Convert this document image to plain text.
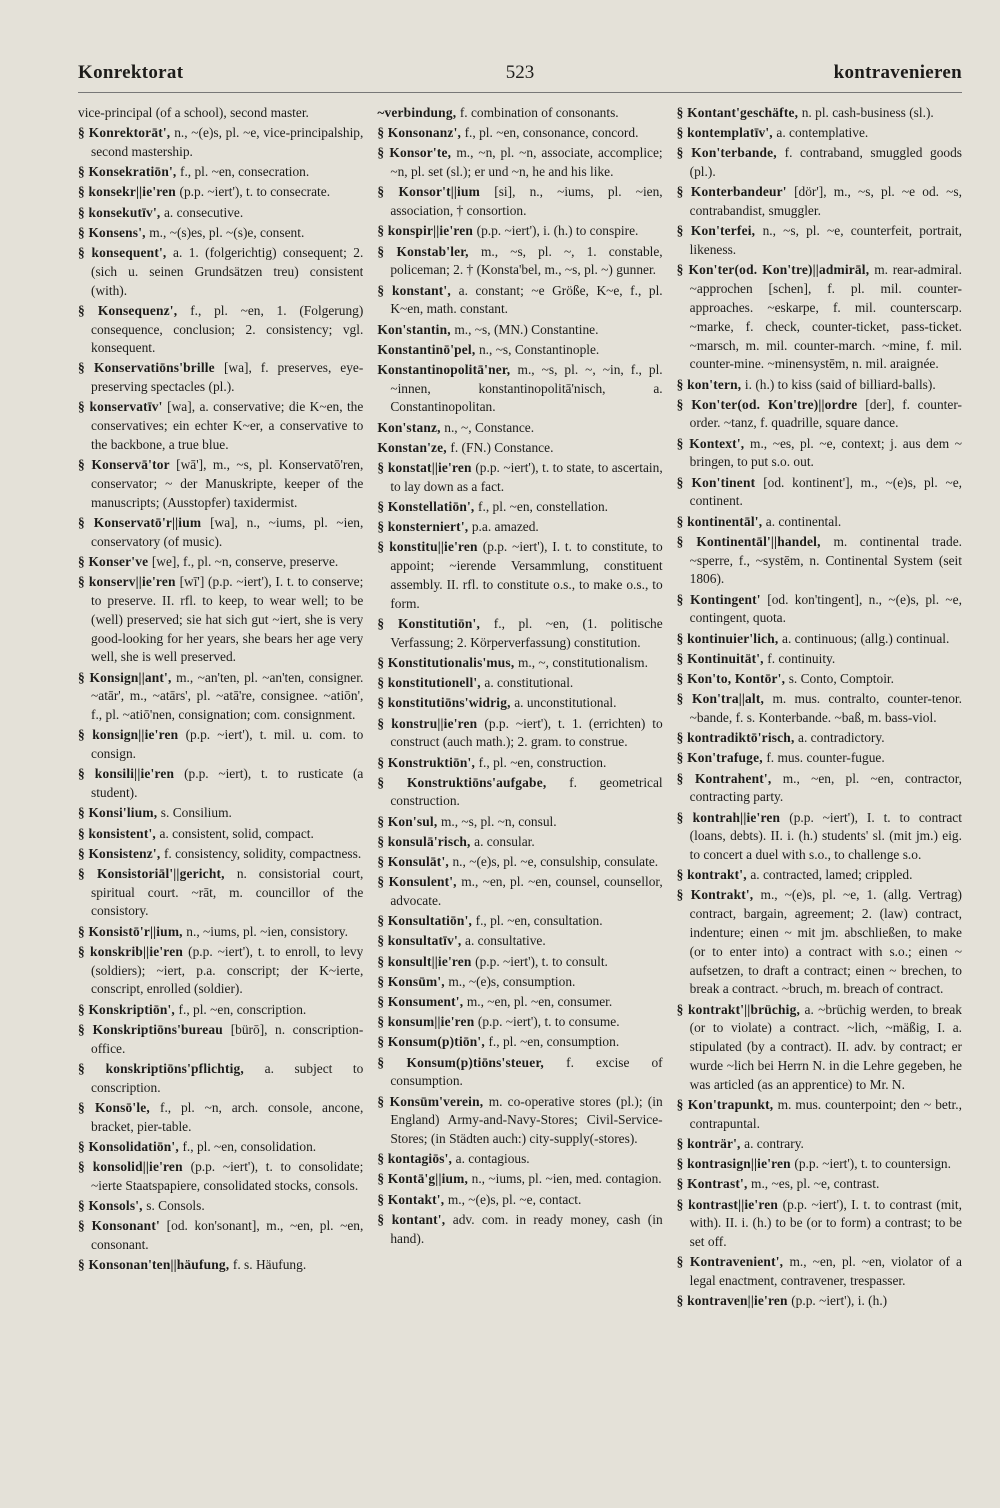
Konrektorat	523	kontravenieren

vice-principal (of a school), second master.

§ Konrektorāt', n., ~(e)s, pl. ~e, vice-principalship, second mastership.

§ Konsekratiōn', f., pl. ~en, consecration.

§ konsekr||ie'ren (p.p. ~iert'), t. to consecrate.

§ konsekutīv', a. consecutive.

§ Konsens', m., ~(s)es, pl. ~(s)e, consent.

§ konsequent', a. 1. (folgerichtig) consequent; 2. (sich u. seinen Grundsätzen treu) consistent (with).

§ Konsequenz', f., pl. ~en, 1. (Folgerung) consequence, conclusion; 2. consistency; vgl. konsequent.

§ Konservatiōns'brille [wa], f. preserves, eye-preserving spectacles (pl.).

§ konservatīv' [wa], a. conservative; die K~en, the conservatives; ein echter K~er, a conservative to the backbone, a true blue.

§ Konservā'tor [wā'], m., ~s, pl. Konservatō'ren, conservator; ~ der Manuskripte, keeper of the manuscripts; (Ausstopfer) taxidermist.

§ Konservatō'r||ium [wa], n., ~iums, pl. ~ien, conservatory (of music).

§ Konser've [we], f., pl. ~n, conserve, preserve.

§ konserv||ie'ren [wī'] (p.p. ~iert'), I. t. to conserve; to preserve. II. rfl. to keep, to wear well; to be (well) preserved; sie hat sich gut ~iert, she is very good-looking for her years, she bears her age very well, she is well preserved.

§ Konsign||ant', m., ~an'ten, pl. ~an'ten, consigner. ~atār', m., ~atārs', pl. ~atā're, consignee. ~atiōn', f., pl. ~atiō'nen, consignation; com. consignment.

§ konsign||ie'ren (p.p. ~iert'), t. mil. u. com. to consign.

§ konsili||ie'ren (p.p. ~iert), t. to rusticate (a student).

§ Konsi'lium, s. Consilium.

§ konsistent', a. consistent, solid, compact.

§ Konsistenz', f. consistency, solidity, compactness.

§ Konsistoriāl'||gericht, n. consistorial court, spiritual court. ~rāt, m. councillor of the consistory.

§ Konsistō'r||ium, n., ~iums, pl. ~ien, consistory.

§ konskrib||ie'ren (p.p. ~iert'), t. to enroll, to levy (soldiers); ~iert, p.a. conscript; der K~ierte, conscript, enrolled (soldier).

§ Konskriptiōn', f., pl. ~en, conscription.

§ Konskriptiōns'bureau [bürō], n. conscription-office.

§ konskriptiōns'pflichtig, a. subject to conscription.

§ Konsō'le, f., pl. ~n, arch. console, ancone, bracket, pier-table.

§ Konsolidatiōn', f., pl. ~en, consolidation.

§ konsolid||ie'ren (p.p. ~iert'), t. to consolidate; ~ierte Staatspapiere, consolidated stocks, consols.

§ Konsols', s. Consols.

§ Konsonant' [od. kon'sonant], m., ~en, pl. ~en, consonant.

§ Konsonan'ten||häufung, f. s. Häufung.

~verbindung, f. combination of consonants.

§ Konsonanz', f., pl. ~en, consonance, concord.

§ Konsor'te, m., ~n, pl. ~n, associate, accomplice; ~n, pl. set (sl.); er und ~n, he and his like.

§ Konsor't||ium [si], n., ~iums, pl. ~ien, association, † consortion.

§ konspir||ie'ren (p.p. ~iert'), i. (h.) to conspire.

§ Konstab'ler, m., ~s, pl. ~, 1. constable, policeman; 2. † (Konsta'bel, m., ~s, pl. ~) gunner.

§ konstant', a. constant; ~e Größe, K~e, f., pl. K~en, math. constant.

Kon'stantin, m., ~s, (MN.) Constantine.

Konstantinō'pel, n., ~s, Constantinople.

Konstantinopolitā'ner, m., ~s, pl. ~, ~in, f., pl. ~innen, konstantinopolitā'nisch, a. Constantinopolitan.

Kon'stanz, n., ~, Constance.

Konstan'ze, f. (FN.) Constance.

§ konstat||ie'ren (p.p. ~iert'), t. to state, to ascertain, to lay down as a fact.

§ Konstellatiōn', f., pl. ~en, constellation.

§ konsterniert', p.a. amazed.

§ konstitu||ie'ren (p.p. ~iert'), I. t. to constitute, to appoint; ~ierende Versammlung, constituent assembly. II. rfl. to constitute o.s., to make o.s., to form.

§ Konstitutiōn', f., pl. ~en, (1. politische Verfassung; 2. Körperverfassung) constitution.

§ Konstitutionalis'mus, m., ~, constitutionalism.

§ konstitutionell', a. constitutional.

§ konstitutiōns'widrig, a. unconstitutional.

§ konstru||ie'ren (p.p. ~iert'), t. 1. (errichten) to construct (auch math.); 2. gram. to construe.

§ Konstruktiōn', f., pl. ~en, construction.

§ Konstruktiōns'aufgabe, f. geometrical construction.

§ Kon'sul, m., ~s, pl. ~n, consul.

§ konsulā'risch, a. consular.

§ Konsulāt', n., ~(e)s, pl. ~e, consulship, consulate.

§ Konsulent', m., ~en, pl. ~en, counsel, counsellor, advocate.

§ Konsultatiōn', f., pl. ~en, consultation.

§ konsultatīv', a. consultative.

§ konsult||ie'ren (p.p. ~iert'), t. to consult.

§ Konsūm', m., ~(e)s, consumption.

§ Konsument', m., ~en, pl. ~en, consumer.

§ konsum||ie'ren (p.p. ~iert'), t. to consume.

§ Konsum(p)tiōn', f., pl. ~en, consumption.

§ Konsum(p)tiōns'steuer, f. excise of consumption.

§ Konsūm'verein, m. co-operative stores (pl.); (in England) Army-and-Navy-Stores; Civil-Service-Stores; (in Städten auch:) city-supply(-stores).

§ kontagiōs', a. contagious.

§ Kontā'g||ium, n., ~iums, pl. ~ien, med. contagion.

§ Kontakt', m., ~(e)s, pl. ~e, contact.

§ kontant', adv. com. in ready money, cash (in hand).

§ Kontant'geschäfte, n. pl. cash-business (sl.).

§ kontemplatīv', a. contemplative.

§ Kon'terbande, f. contraband, smuggled goods (pl.).

§ Konterbandeur' [dör'], m., ~s, pl. ~e od. ~s, contrabandist, smuggler.

§ Kon'terfei, n., ~s, pl. ~e, counterfeit, portrait, likeness.

§ Kon'ter(od. Kon'tre)||admirāl, m. rear-admiral. ~approchen [schen], f. pl. mil. counter-approaches. ~eskarpe, f. mil. counterscarp. ~marke, f. check, counter-ticket, pass-ticket. ~marsch, m. mil. counter-march. ~mine, f. mil. counter-mine. ~minensystēm, n. mil. araignée.

§ kon'tern, i. (h.) to kiss (said of billiard-balls).

§ Kon'ter(od. Kon'tre)||ordre [der], f. counter-order. ~tanz, f. quadrille, square dance.

§ Kontext', m., ~es, pl. ~e, context; j. aus dem ~ bringen, to put s.o. out.

§ Kon'tinent [od. kontinent'], m., ~(e)s, pl. ~e, continent.

§ kontinentāl', a. continental.

§ Kontinentāl'||handel, m. continental trade. ~sperre, f., ~systēm, n. Continental System (seit 1806).

§ Kontingent' [od. kon'tingent], n., ~(e)s, pl. ~e, contingent, quota.

§ kontinuier'lich, a. continuous; (allg.) continual.

§ Kontinuität', f. continuity.

§ Kon'to, Kontōr', s. Conto, Comptoir.

§ Kon'tra||alt, m. mus. contralto, counter-tenor. ~bande, f. s. Konterbande. ~baß, m. bass-viol.

§ kontradiktō'risch, a. contradictory.

§ Kon'trafuge, f. mus. counter-fugue.

§ Kontrahent', m., ~en, pl. ~en, contractor, contracting party.

§ kontrah||ie'ren (p.p. ~iert'), I. t. to contract (loans, debts). II. i. (h.) students' sl. (mit jm.) eig. to concert a duel with s.o., to challenge s.o.

§ kontrakt', a. contracted, lamed; crippled.

§ Kontrakt', m., ~(e)s, pl. ~e, 1. (allg. Vertrag) contract, bargain, agreement; 2. (law) contract, indenture; einen ~ mit jm. abschließen, to make (or to enter into) a contract with s.o.; einen ~ aufsetzen, to draft a contract; einen ~ brechen, to break a contract. ~bruch, m. breach of contract.

§ kontrakt'||brüchig, a. ~brüchig werden, to break (or to violate) a contract. ~lich, ~mäßig, I. a. stipulated (by a contract). II. adv. by contract; er wurde ~lich bei Herrn N. in die Lehre gegeben, he was articled (as an apprentice) to Mr. N.

§ Kon'trapunkt, m. mus. counterpoint; den ~ betr., contrapuntal.

§ konträr', a. contrary.

§ kontrasign||ie'ren (p.p. ~iert'), t. to countersign.

§ Kontrast', m., ~es, pl. ~e, contrast.

§ kontrast||ie'ren (p.p. ~iert'), I. t. to contrast (mit, with). II. i. (h.) to be (or to form) a contrast; to be set off.

§ Kontravenient', m., ~en, pl. ~en, violator of a legal enactment, contravener, trespasser.

§ kontraven||ie'ren (p.p. ~iert'), i. (h.)
